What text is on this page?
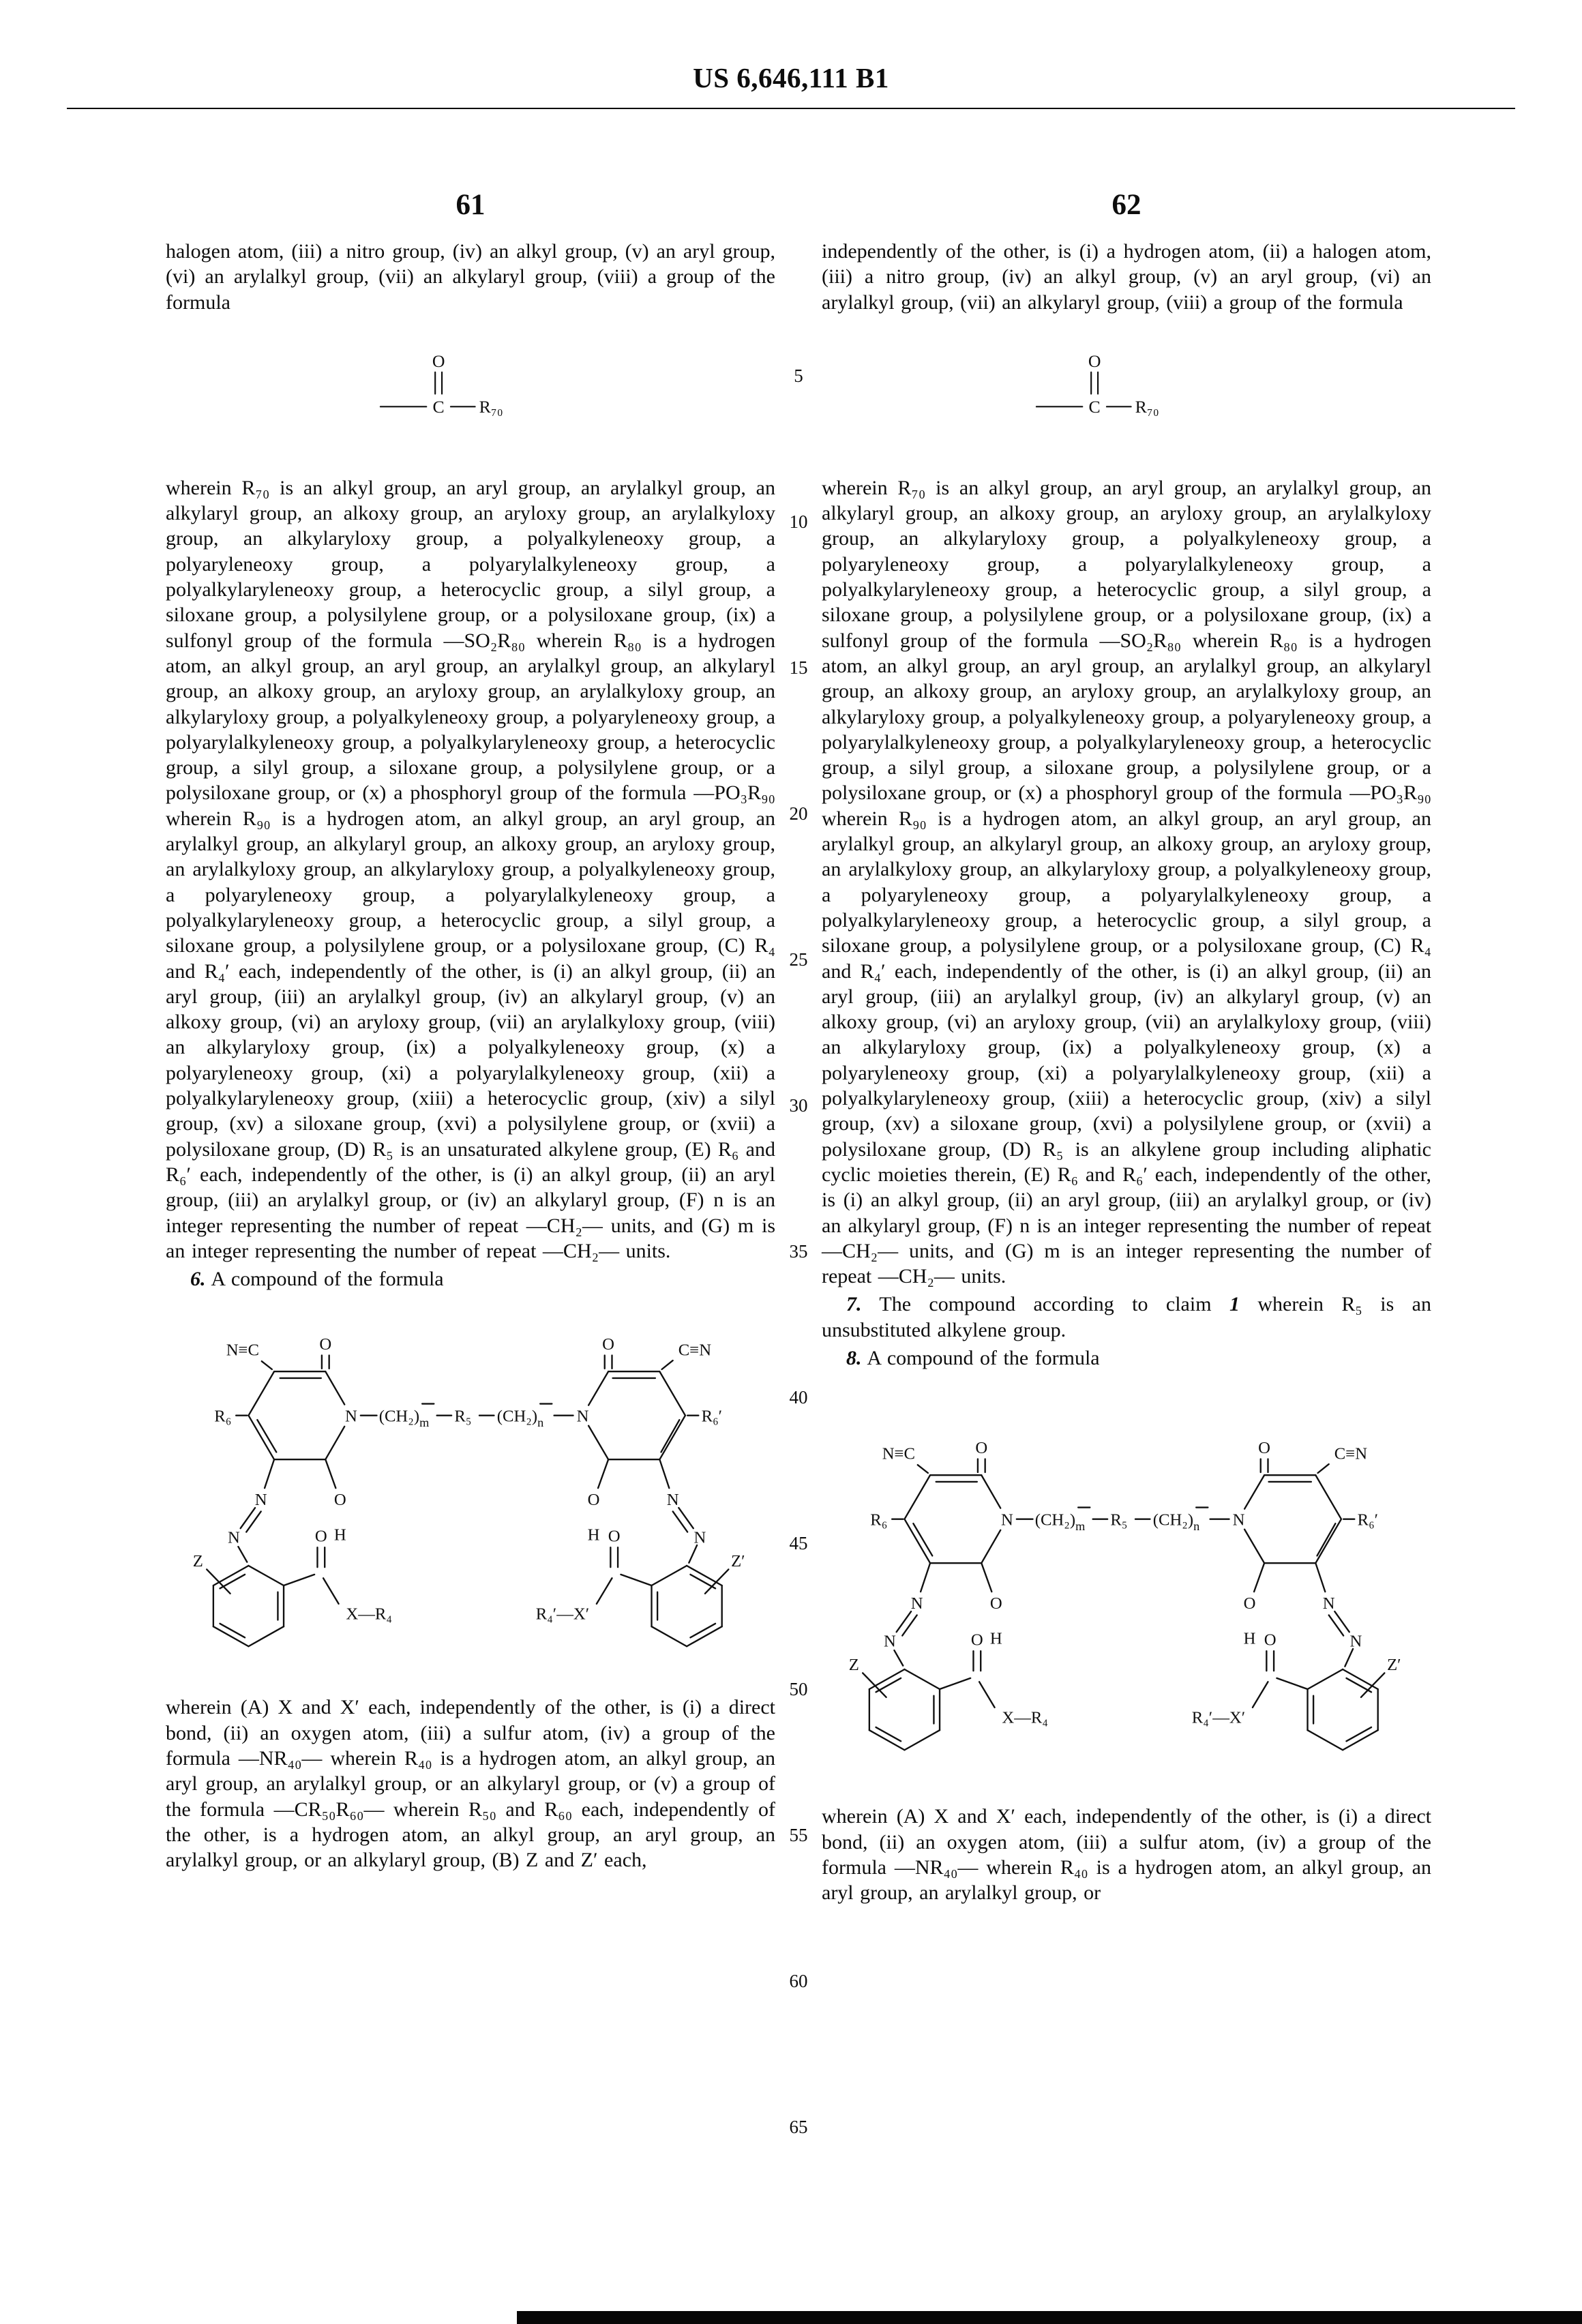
US 6,646,111 B1
61	62
5
10
15
20
25
30
35
40
45
50
55
60
65

halogen atom, (iii) a nitro group, (iv) an alkyl group, (v) an aryl group, (vi) an arylalkyl group, (vii) an alkylaryl group, (viii) a group of the formula

O
C R₇₀

wherein R₇₀ is an alkyl group, an aryl group, an arylalkyl group, an alkylaryl group, an alkoxy group, an aryloxy group, an arylalkyloxy group, an alkylaryloxy group, a polyalkyleneoxy group, a polyaryleneoxy group, a polyarylalkyleneoxy group, a polyalkylaryleneoxy group, a heterocyclic group, a silyl group, a siloxane group, a polysilylene group, or a polysiloxane group, (ix) a sulfonyl group of the formula —SO₂R₈₀ wherein R₈₀ is a hydrogen atom, an alkyl group, an aryl group, an arylalkyl group, an alkylaryl group, an alkoxy group, an aryloxy group, an arylalkyloxy group, an alkylaryloxy group, a polyalkyleneoxy group, a polyaryleneoxy group, a polyarylalkyleneoxy group, a polyalkylaryleneoxy group, a heterocyclic group, a silyl group, a siloxane group, a polysilylene group, or a polysiloxane group, or (x) a phosphoryl group of the formula —PO₃R₉₀ wherein R₉₀ is a hydrogen atom, an alkyl group, an aryl group, an arylalkyl group, an alkylaryl group, an alkoxy group, an aryloxy group, an arylalkyloxy group, an alkylaryloxy group, a polyalkyleneoxy group, a polyaryleneoxy group, a polyarylalkyleneoxy group, a polyalkylaryleneoxy group, a heterocyclic group, a silyl group, a siloxane group, a polysilylene group, or a polysiloxane group, (C) R₄ and R₄′ each, independently of the other, is (i) an alkyl group, (ii) an aryl group, (iii) an arylalkyl group, (iv) an alkylaryl group, (v) an alkoxy group, (vi) an aryloxy group, (vii) an arylalkyloxy group, (viii) an alkylaryloxy group, (ix) a polyalkyleneoxy group, (x) a polyaryleneoxy group, (xi) a polyarylalkyleneoxy group, (xii) a polyalkylaryleneoxy group, (xiii) a heterocyclic group, (xiv) a silyl group, (xv) a siloxane group, (xvi) a polysilylene group, or (xvii) a polysiloxane group, (D) R₅ is an unsaturated alkylene group, (E) R₆ and R₆′ each, independently of the other, is (i) an alkyl group, (ii) an aryl group, (iii) an arylalkyl group, or (iv) an alkylaryl group, (F) n is an integer representing the number of repeat —CH₂— units, and (G) m is an integer representing the number of repeat —CH₂— units.

6. A compound of the formula

N≡C	O
N
R₆	$(CH_2)_m$ R₅ $(CH_2)_n$ N
O	C≡N
R₆′
O
H
N
N
Z
O
X—R₄
O
H
N
N
Z′
O
R₄′—X′

wherein (A) X and X′ each, independently of the other, is (i) a direct bond, (ii) an oxygen atom, (iii) a sulfur atom, (iv) a group of the formula —NR₄₀— wherein R₄₀ is a hydrogen atom, an alkyl group, an aryl group, an arylalkyl group, or an alkylaryl group, or (v) a group of the formula —CR₅₀R₆₀— wherein R₅₀ and R₆₀ each, independently of the other, is a hydrogen atom, an alkyl group, an aryl group, an arylalkyl group, or an alkylaryl group, (B) Z and Z′ each,

independently of the other, is (i) a hydrogen atom, (ii) a halogen atom, (iii) a nitro group, (iv) an alkyl group, (v) an aryl group, (vi) an arylalkyl group, (vii) an alkylaryl group, (viii) a group of the formula

O
C R₇₀

wherein R₇₀ is an alkyl group, an aryl group, an arylalkyl group, an alkylaryl group, an alkoxy group, an aryloxy group, an arylalkyloxy group, an alkylaryloxy group, a polyalkyleneoxy group, a polyaryleneoxy group, a polyarylalkyleneoxy group, a polyalkylaryleneoxy group, a heterocyclic group, a silyl group, a siloxane group, a polysilylene group, or a polysiloxane group, (ix) a sulfonyl group of the formula —SO₂R₈₀ wherein R₈₀ is a hydrogen atom, an alkyl group, an aryl group, an arylalkyl group, an alkylaryl group, an alkoxy group, an aryloxy group, an arylalkyloxy group, an alkylaryloxy group, a polyalkyleneoxy group, a polyaryleneoxy group, a polyarylalkyleneoxy group, a polyalkylaryleneoxy group, a heterocyclic group, a silyl group, a siloxane group, a polysilylene group, or a polysiloxane group, or (x) a phosphoryl group of the formula —PO₃R₉₀ wherein R₉₀ is a hydrogen atom, an alkyl group, an aryl group, an arylalkyl group, an alkylaryl group, an alkoxy group, an aryloxy group, an arylalkyloxy group, an alkylaryloxy group, a polyalkyleneoxy group, a polyaryleneoxy group, a polyarylalkyleneoxy group, a polyalkylaryleneoxy group, a heterocyclic group, a silyl group, a siloxane group, a polysilylene group, or a polysiloxane group, (C) R₄ and R₄′ each, independently of the other, is (i) an alkyl group, (ii) an aryl group, (iii) an arylalkyl group, (iv) an alkylaryl group, (v) an alkoxy group, (vi) an aryloxy group, (vii) an arylalkyloxy group, (viii) an alkylaryloxy group, (ix) a polyalkyleneoxy group, (x) a polyaryleneoxy group, (xi) a polyarylalkyleneoxy group, (xii) a polyalkylaryleneoxy group, (xiii) a heterocyclic group, (xiv) a silyl group, (xv) a siloxane group, (xvi) a polysilylene group, or (xvii) a polysiloxane group, (D) R₅ is an alkylene group including aliphatic cyclic moieties therein, (E) R₆ and R₆′ each, independently of the other, is (i) an alkyl group, (ii) an aryl group, (iii) an arylalkyl group, or (iv) an alkylaryl group, (F) n is an integer representing the number of repeat —CH₂— units, and (G) m is an integer representing the number of repeat —CH₂— units.

7. The compound according to claim 1 wherein R₅ is an unsubstituted alkylene group.

8. A compound of the formula

N≡C	O
N
R₆	$(CH_2)_m$ R₅ $(CH_2)_n$ N
O	C≡N
R₆′
O
H
N
N
Z
O
X—R₄
O
H
N
N
Z′
O
R₄′—X′

wherein (A) X and X′ each, independently of the other, is (i) a direct bond, (ii) an oxygen atom, (iii) a sulfur atom, (iv) a group of the formula —NR₄₀— wherein R₄₀ is a hydrogen atom, an alkyl group, an aryl group, an arylalkyl group, or
